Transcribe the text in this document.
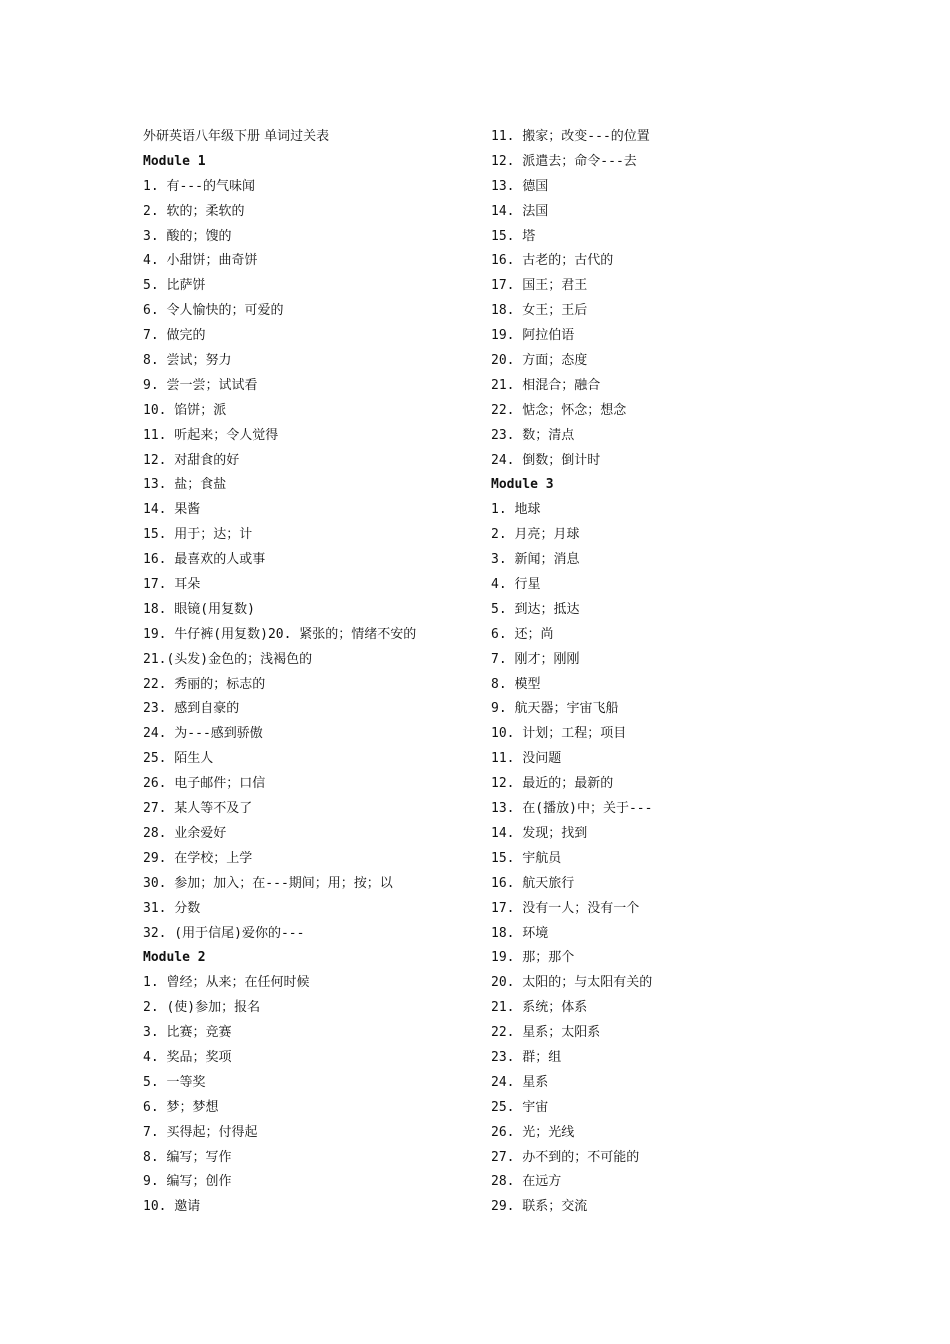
外研英语八年级下册 单词过关表
Module 1
1. 有---的气味闻
2. 软的；柔软的
3. 酸的；馊的
4. 小甜饼；曲奇饼
5. 比萨饼
6. 令人愉快的；可爱的
7. 做完的
8. 尝试；努力
9. 尝一尝；试试看
10. 馅饼；派
11. 听起来；令人觉得
12. 对甜食的好
13. 盐；食盐
14. 果酱
15. 用于；达；计
16. 最喜欢的人或事
17. 耳朵
18. 眼镜(用复数)
19. 牛仔裤(用复数)20. 紧张的；情绪不安的
21.(头发)金色的；浅褐色的
22. 秀丽的；标志的
23. 感到自豪的
24. 为---感到骄傲
25. 陌生人
26. 电子邮件；口信
27. 某人等不及了
28. 业余爱好
29. 在学校；上学
30. 参加；加入；在---期间；用；按；以
31. 分数
32. (用于信尾)爱你的---
Module 2
1. 曾经；从来；在任何时候
2. (使)参加；报名
3. 比赛；竞赛
4. 奖品；奖项
5. 一等奖
6. 梦；梦想
7. 买得起；付得起
8. 编写；写作
9. 编写；创作
10. 邀请
11. 搬家；改变---的位置
12. 派遣去；命令---去
13. 德国
14. 法国
15. 塔
16. 古老的；古代的
17. 国王；君王
18. 女王；王后
19. 阿拉伯语
20. 方面；态度
21. 相混合；融合
22. 惦念；怀念；想念
23. 数；清点
24. 倒数；倒计时
Module 3
1. 地球
2. 月亮；月球
3. 新闻；消息
4. 行星
5. 到达；抵达
6. 还；尚
7. 刚才；刚刚
8. 模型
9. 航天器；宇宙飞船
10. 计划；工程；项目
11. 没问题
12. 最近的；最新的
13. 在(播放)中；关于---
14. 发现；找到
15. 宇航员
16. 航天旅行
17. 没有一人；没有一个
18. 环境
19. 那；那个
20. 太阳的；与太阳有关的
21. 系统；体系
22. 星系；太阳系
23. 群；组
24. 星系
25. 宇宙
26. 光；光线
27. 办不到的；不可能的
28. 在远方
29. 联系；交流
